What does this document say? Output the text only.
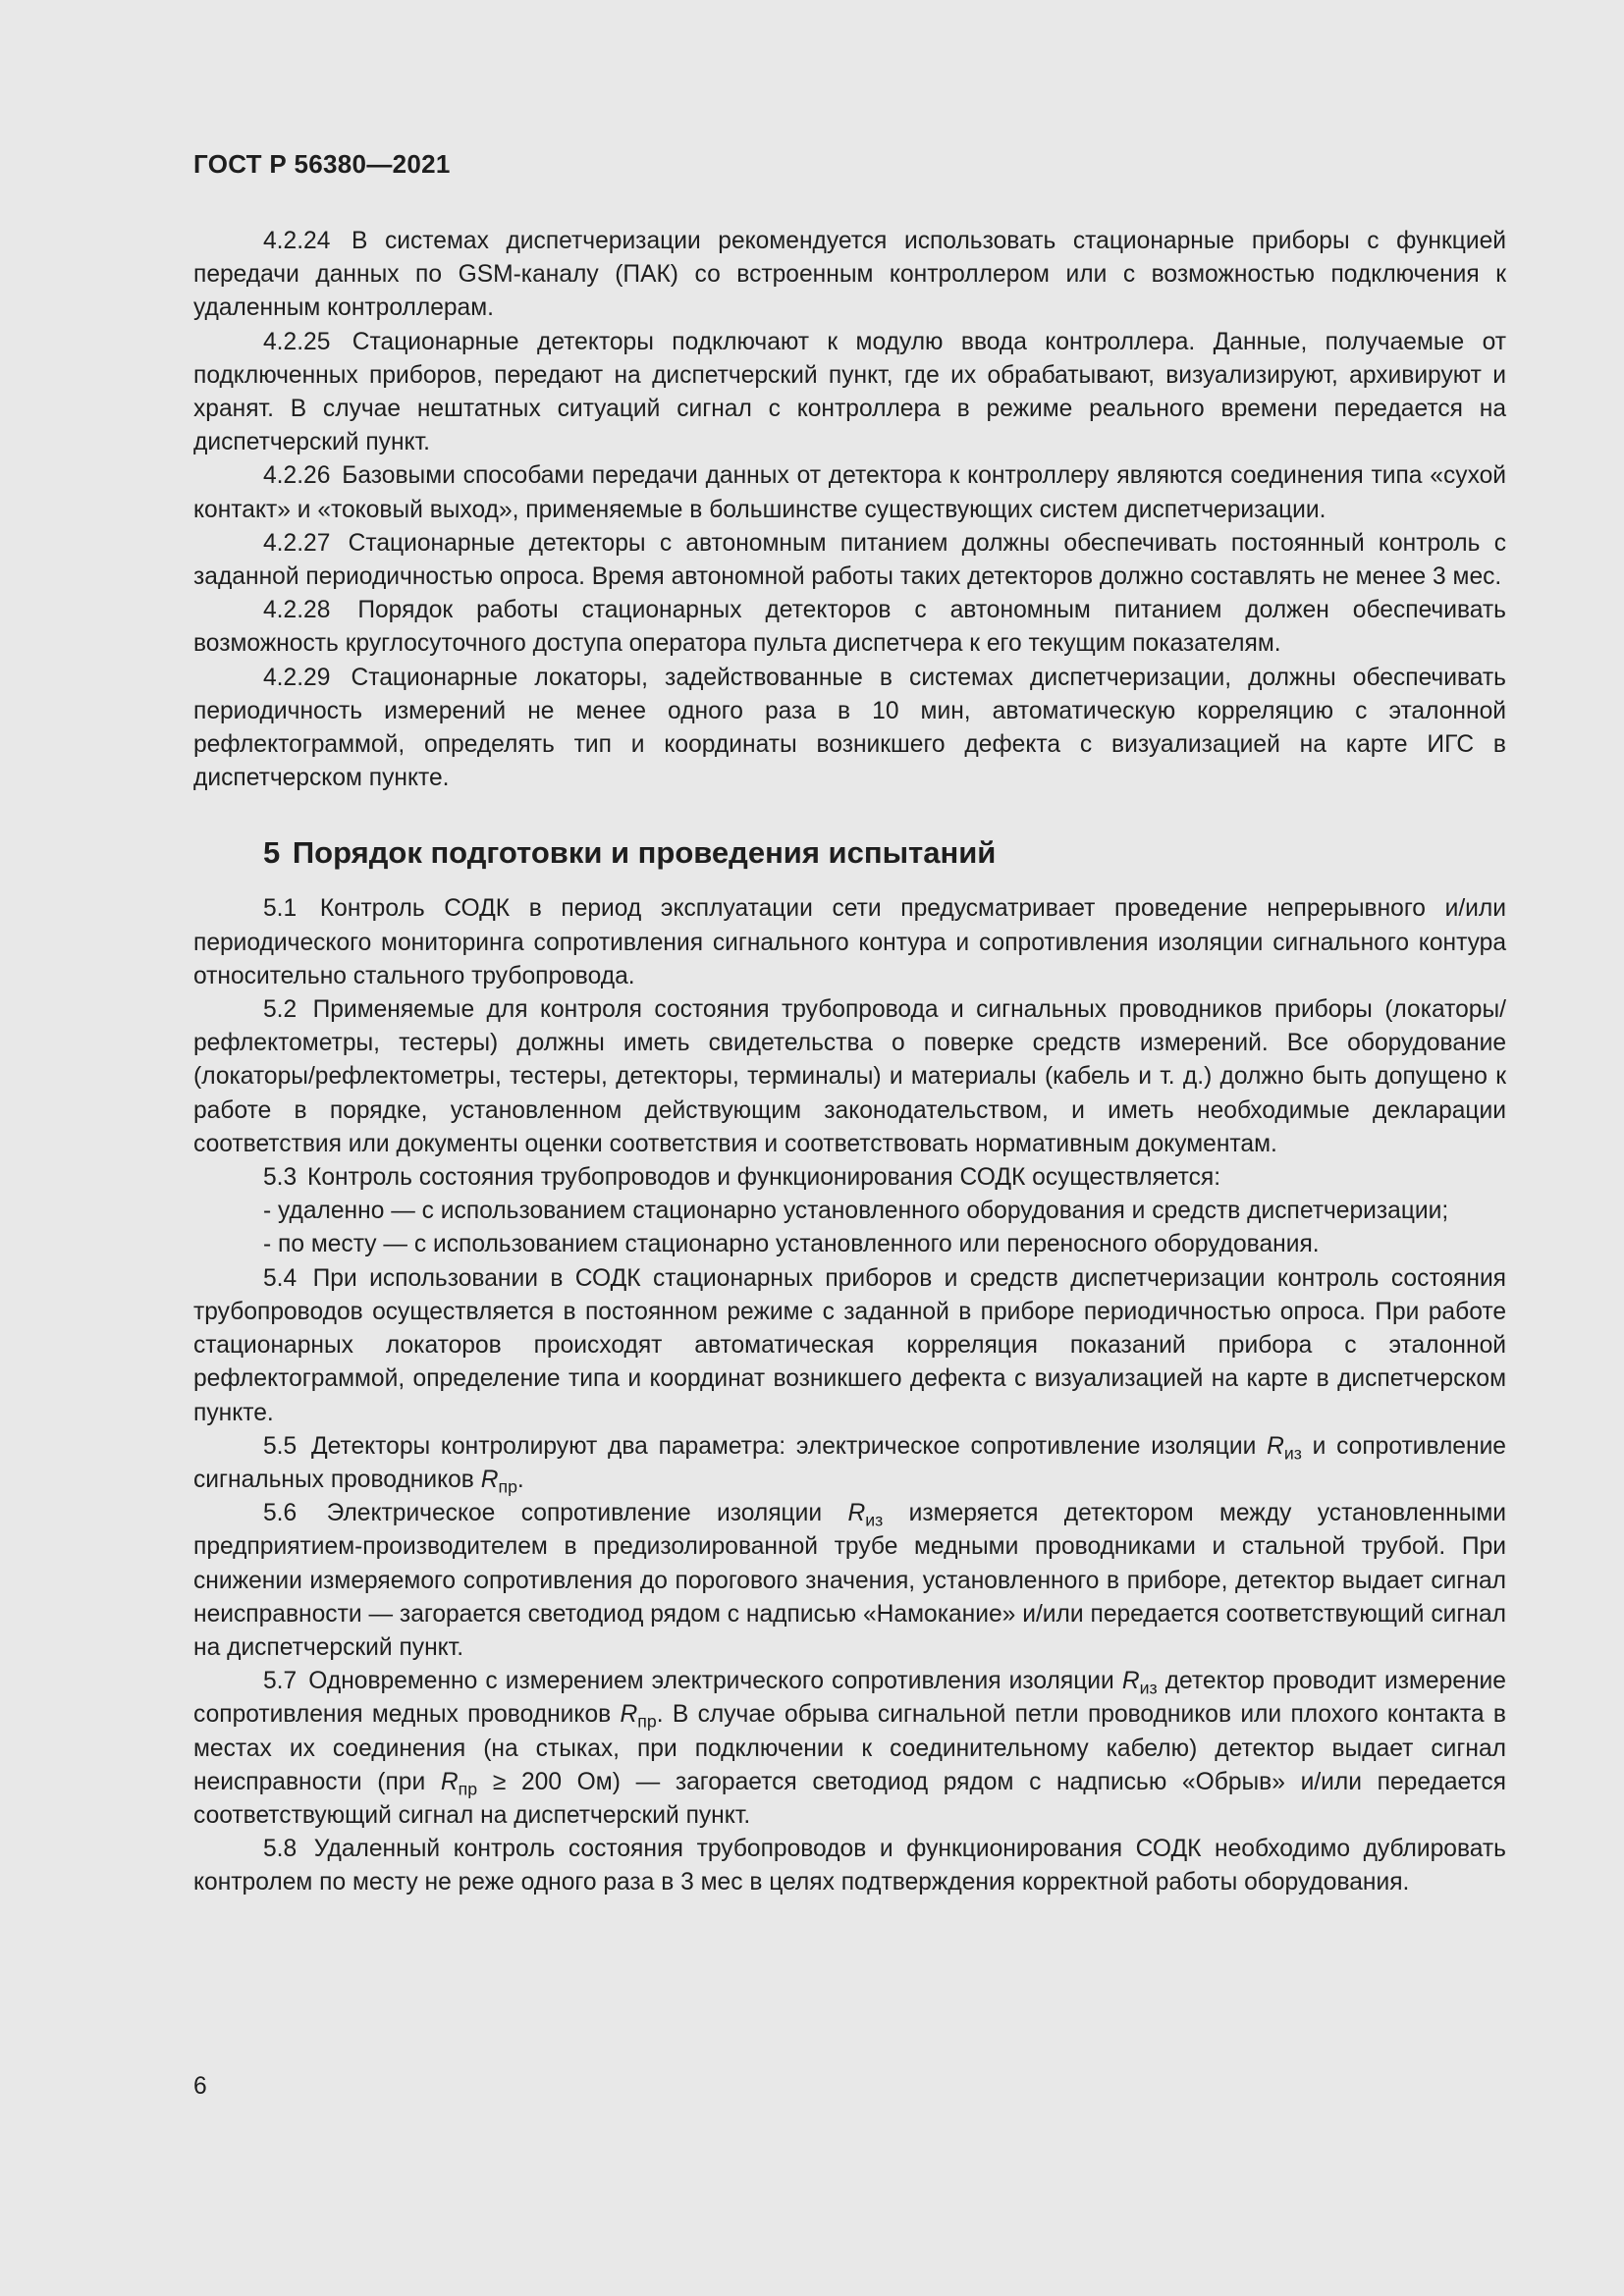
ГОСТ Р 56380—2021

4.2.24 В системах диспетчеризации рекомендуется использовать стационарные приборы с функцией передачи данных по GSM-каналу (ПАК) со встроенным контроллером или с возможностью подключения к удаленным контроллерам.

4.2.25 Стационарные детекторы подключают к модулю ввода контроллера. Данные, получаемые от подключенных приборов, передают на диспетчерский пункт, где их обрабатывают, визуализируют, архивируют и хранят. В случае нештатных ситуаций сигнал с контроллера в режиме реального времени передается на диспетчерский пункт.

4.2.26 Базовыми способами передачи данных от детектора к контроллеру являются соединения типа «сухой контакт» и «токовый выход», применяемые в большинстве существующих систем диспетчеризации.

4.2.27 Стационарные детекторы с автономным питанием должны обеспечивать постоянный контроль с заданной периодичностью опроса. Время автономной работы таких детекторов должно составлять не менее 3 мес.

4.2.28 Порядок работы стационарных детекторов с автономным питанием должен обеспечивать возможность круглосуточного доступа оператора пульта диспетчера к его текущим показателям.

4.2.29 Стационарные локаторы, задействованные в системах диспетчеризации, должны обеспечивать периодичность измерений не менее одного раза в 10 мин, автоматическую корреляцию с эталонной рефлектограммой, определять тип и координаты возникшего дефекта с визуализацией на карте ИГС в диспетчерском пункте.

5 Порядок подготовки и проведения испытаний

5.1 Контроль СОДК в период эксплуатации сети предусматривает проведение непрерывного и/или периодического мониторинга сопротивления сигнального контура и сопротивления изоляции сигнального контура относительно стального трубопровода.

5.2 Применяемые для контроля состояния трубопровода и сигнальных проводников приборы (локаторы/рефлектометры, тестеры) должны иметь свидетельства о поверке средств измерений. Все оборудование (локаторы/рефлектометры, тестеры, детекторы, терминалы) и материалы (кабель и т. д.) должно быть допущено к работе в порядке, установленном действующим законодательством, и иметь необходимые декларации соответствия или документы оценки соответствия и соответствовать нормативным документам.

5.3 Контроль состояния трубопроводов и функционирования СОДК осуществляется:

- удаленно — с использованием стационарно установленного оборудования и средств диспетчеризации;

- по месту — с использованием стационарно установленного или переносного оборудования.

5.4 При использовании в СОДК стационарных приборов и средств диспетчеризации контроль состояния трубопроводов осуществляется в постоянном режиме с заданной в приборе периодичностью опроса. При работе стационарных локаторов происходят автоматическая корреляция показаний прибора с эталонной рефлектограммой, определение типа и координат возникшего дефекта с визуализацией на карте в диспетчерском пункте.

5.5 Детекторы контролируют два параметра: электрическое сопротивление изоляции $R_{из}$ и сопротивление сигнальных проводников $R_{пр}$.

5.6 Электрическое сопротивление изоляции $R_{из}$ измеряется детектором между установленными предприятием-производителем в предизолированной трубе медными проводниками и стальной трубой. При снижении измеряемого сопротивления до порогового значения, установленного в приборе, детектор выдает сигнал неисправности — загорается светодиод рядом с надписью «Намокание» и/или передается соответствующий сигнал на диспетчерский пункт.

5.7 Одновременно с измерением электрического сопротивления изоляции $R_{из}$ детектор проводит измерение сопротивления медных проводников $R_{пр}$. В случае обрыва сигнальной петли проводников или плохого контакта в местах их соединения (на стыках, при подключении к соединительному кабелю) детектор выдает сигнал неисправности (при $R_{пр} \ge 200$ Ом) — загорается светодиод рядом с надписью «Обрыв» и/или передается соответствующий сигнал на диспетчерский пункт.

5.8 Удаленный контроль состояния трубопроводов и функционирования СОДК необходимо дублировать контролем по месту не реже одного раза в 3 мес в целях подтверждения корректной работы оборудования.

6
